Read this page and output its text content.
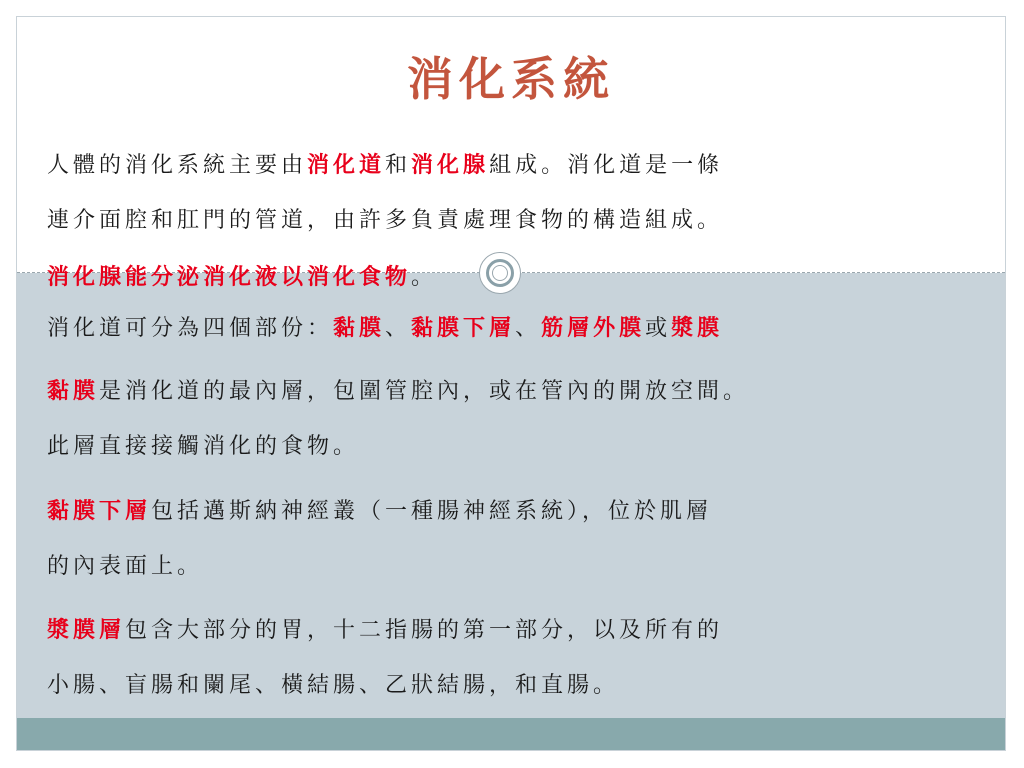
消化系統

人體的消化系統主要由消化道和消化腺組成。消化道是一條

連介面腔和肛門的管道，由許多負責處理食物的構造組成。

消化腺能分泌消化液以消化食物。

消化道可分為四個部份：黏膜、黏膜下層、筋層外膜或漿膜

黏膜是消化道的最內層，包圍管腔內，或在管內的開放空間。

此層直接接觸消化的食物。

黏膜下層包括邁斯納神經叢（一種腸神經系統），位於肌層

的內表面上。

漿膜層包含大部分的胃，十二指腸的第一部分，以及所有的

小腸、盲腸和闌尾、橫結腸、乙狀結腸，和直腸。
